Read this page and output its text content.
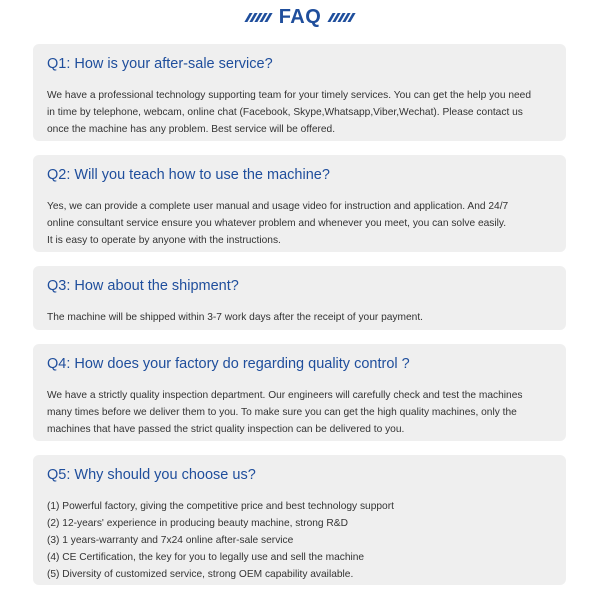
FAQ
Q1: How is your after-sale service?

We have a professional technology supporting team for your timely services. You can get the help you need

in time by telephone, webcam, online chat (Facebook, Skype,Whatsapp,Viber,Wechat). Please contact us

once the machine has any problem. Best service will be offered.

Q2: Will you teach how to use the machine?

Yes, we can provide a complete user manual and usage video for instruction and application. And 24/7

online consultant service ensure you whatever problem and whenever you meet, you can solve easily.

It is easy to operate by anyone with the instructions.

Q3: How about the shipment?

The machine will be shipped within 3-7 work days after the receipt of your payment.

Q4: How does your factory do regarding quality control ?

We have a strictly quality inspection department. Our engineers will carefully check and test the machines

many times before we deliver them to you. To make sure you can get the high quality machines, only the

machines that have passed the strict quality inspection can be delivered to you.

Q5: Why should you choose us?
(1) Powerful factory, giving the competitive price and best technology support
(2) 12-years' experience in producing beauty machine, strong R&D
(3) 1 years-warranty and 7x24 online after-sale service
(4) CE Certification, the key for you to legally use and sell the machine
(5) Diversity of customized service, strong OEM capability available.
